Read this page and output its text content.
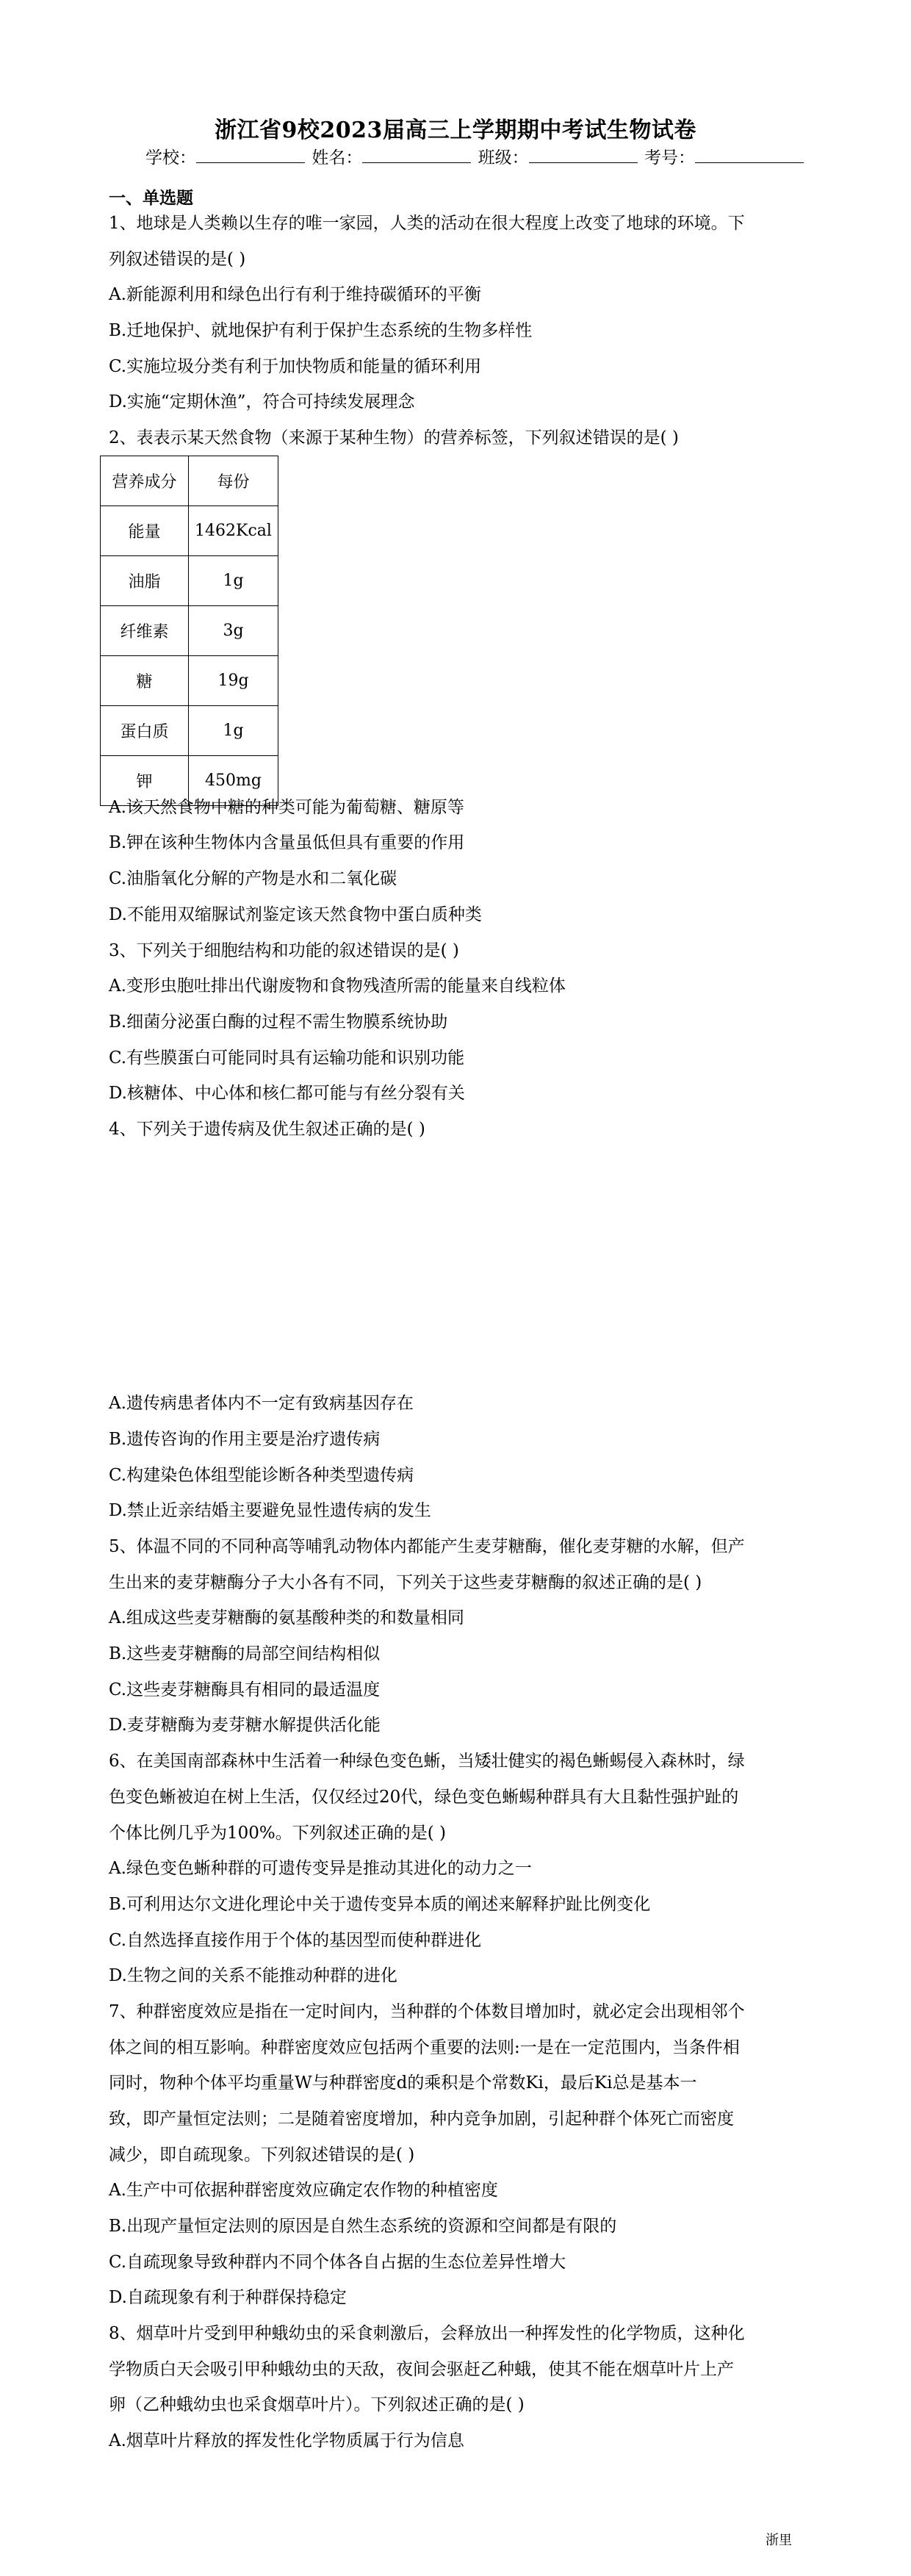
浙江省9校2023届高三上学期期中考试生物试卷
学校：	姓名：	班级：	考号：
一、单选题
1、地球是人类赖以生存的唯一家园，人类的活动在很大程度上改变了地球的环境。下
列叙述错误的是( )
A.新能源利用和绿色出行有利于维持碳循环的平衡
B.迁地保护、就地保护有利于保护生态系统的生物多样性
C.实施垃圾分类有利于加快物质和能量的循环利用
D.实施“定期休渔”，符合可持续发展理念
2、表表示某天然食物（来源于某种生物）的营养标签，下列叙述错误的是( )
营养成分	每份
能量	1462Kcal
油脂	1g
纤维素	3g
糖	19g
蛋白质	1g
钾	450mg
A.该天然食物中糖的种类可能为葡萄糖、糖原等
B.钾在该种生物体内含量虽低但具有重要的作用
C.油脂氧化分解的产物是水和二氧化碳
D.不能用双缩脲试剂鉴定该天然食物中蛋白质种类
3、下列关于细胞结构和功能的叙述错误的是( )
A.变形虫胞吐排出代谢废物和食物残渣所需的能量来自线粒体
B.细菌分泌蛋白酶的过程不需生物膜系统协助
C.有些膜蛋白可能同时具有运输功能和识别功能
D.核糖体、中心体和核仁都可能与有丝分裂有关
4、下列关于遗传病及优生叙述正确的是( )
A.遗传病患者体内不一定有致病基因存在
B.遗传咨询的作用主要是治疗遗传病
C.构建染色体组型能诊断各种类型遗传病
D.禁止近亲结婚主要避免显性遗传病的发生
5、体温不同的不同种高等哺乳动物体内都能产生麦芽糖酶，催化麦芽糖的水解，但产
生出来的麦芽糖酶分子大小各有不同，下列关于这些麦芽糖酶的叙述正确的是( )
A.组成这些麦芽糖酶的氨基酸种类的和数量相同
B.这些麦芽糖酶的局部空间结构相似
C.这些麦芽糖酶具有相同的最适温度
D.麦芽糖酶为麦芽糖水解提供活化能
6、在美国南部森林中生活着一种绿色变色蜥，当矮壮健实的褐色蜥蜴侵入森林时，绿
色变色蜥被迫在树上生活，仅仅经过20代，绿色变色蜥蜴种群具有大且黏性强护趾的
个体比例几乎为100%。下列叙述正确的是( )
A.绿色变色蜥种群的可遗传变异是推动其进化的动力之一
B.可利用达尔文进化理论中关于遗传变异本质的阐述来解释护趾比例变化
C.自然选择直接作用于个体的基因型而使种群进化
D.生物之间的关系不能推动种群的进化
7、种群密度效应是指在一定时间内，当种群的个体数目增加时，就必定会出现相邻个
体之间的相互影响。种群密度效应包括两个重要的法则:一是在一定范围内，当条件相
同时，物种个体平均重量W与种群密度d的乘积是个常数Ki，最后Ki总是基本一
致，即产量恒定法则；二是随着密度增加，种内竞争加剧，引起种群个体死亡而密度
减少，即自疏现象。下列叙述错误的是( )
A.生产中可依据种群密度效应确定农作物的种植密度
B.出现产量恒定法则的原因是自然生态系统的资源和空间都是有限的
C.自疏现象导致种群内不同个体各自占据的生态位差异性增大
D.自疏现象有利于种群保持稳定
8、烟草叶片受到甲种蛾幼虫的采食刺激后，会释放出一种挥发性的化学物质，这种化
学物质白天会吸引甲种蛾幼虫的天敌，夜间会驱赶乙种蛾，使其不能在烟草叶片上产
卵（乙种蛾幼虫也采食烟草叶片）。下列叙述正确的是( )
A.烟草叶片释放的挥发性化学物质属于行为信息
浙里
